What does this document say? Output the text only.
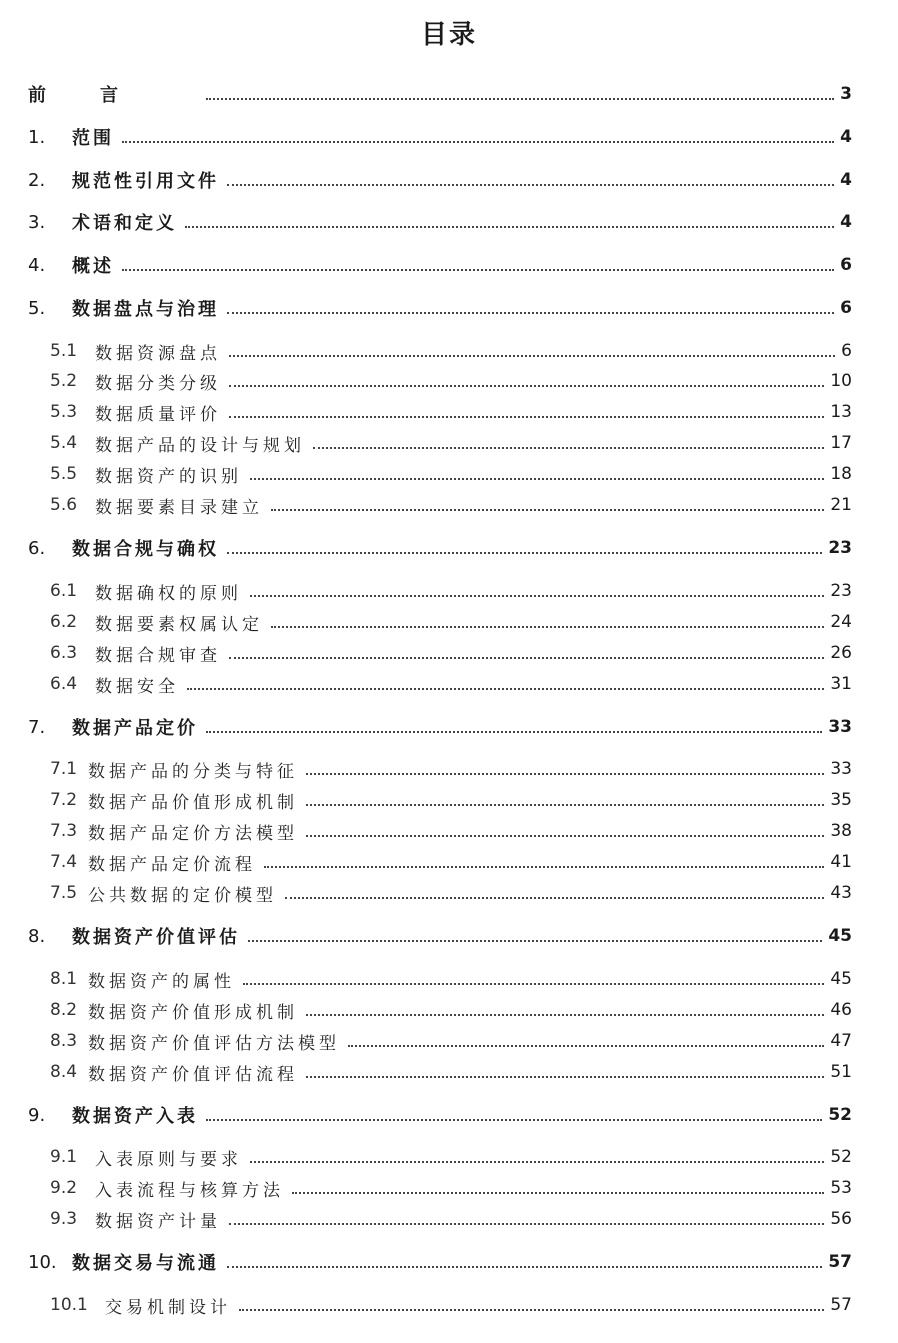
目录
前　　　言	3
1. 范围	4
2. 规范性引用文件	4
3. 术语和定义	4
4. 概述	6
5. 数据盘点与治理	6
5.1 数据资源盘点	6
5.2 数据分类分级	10
5.3 数据质量评价	13
5.4 数据产品的设计与规划	17
5.5 数据资产的识别	18
5.6 数据要素目录建立	21
6. 数据合规与确权	23
6.1 数据确权的原则	23
6.2 数据要素权属认定	24
6.3 数据合规审查	26
6.4 数据安全	31
7. 数据产品定价	33
7.1 数据产品的分类与特征	33
7.2 数据产品价值形成机制	35
7.3 数据产品定价方法模型	38
7.4 数据产品定价流程	41
7.5 公共数据的定价模型	43
8. 数据资产价值评估	45
8.1 数据资产的属性	45
8.2 数据资产价值形成机制	46
8.3 数据资产价值评估方法模型	47
8.4 数据资产价值评估流程	51
9. 数据资产入表	52
9.1 入表原则与要求	52
9.2 入表流程与核算方法	53
9.3 数据资产计量	56
10. 数据交易与流通	57
10.1 交易机制设计	57
